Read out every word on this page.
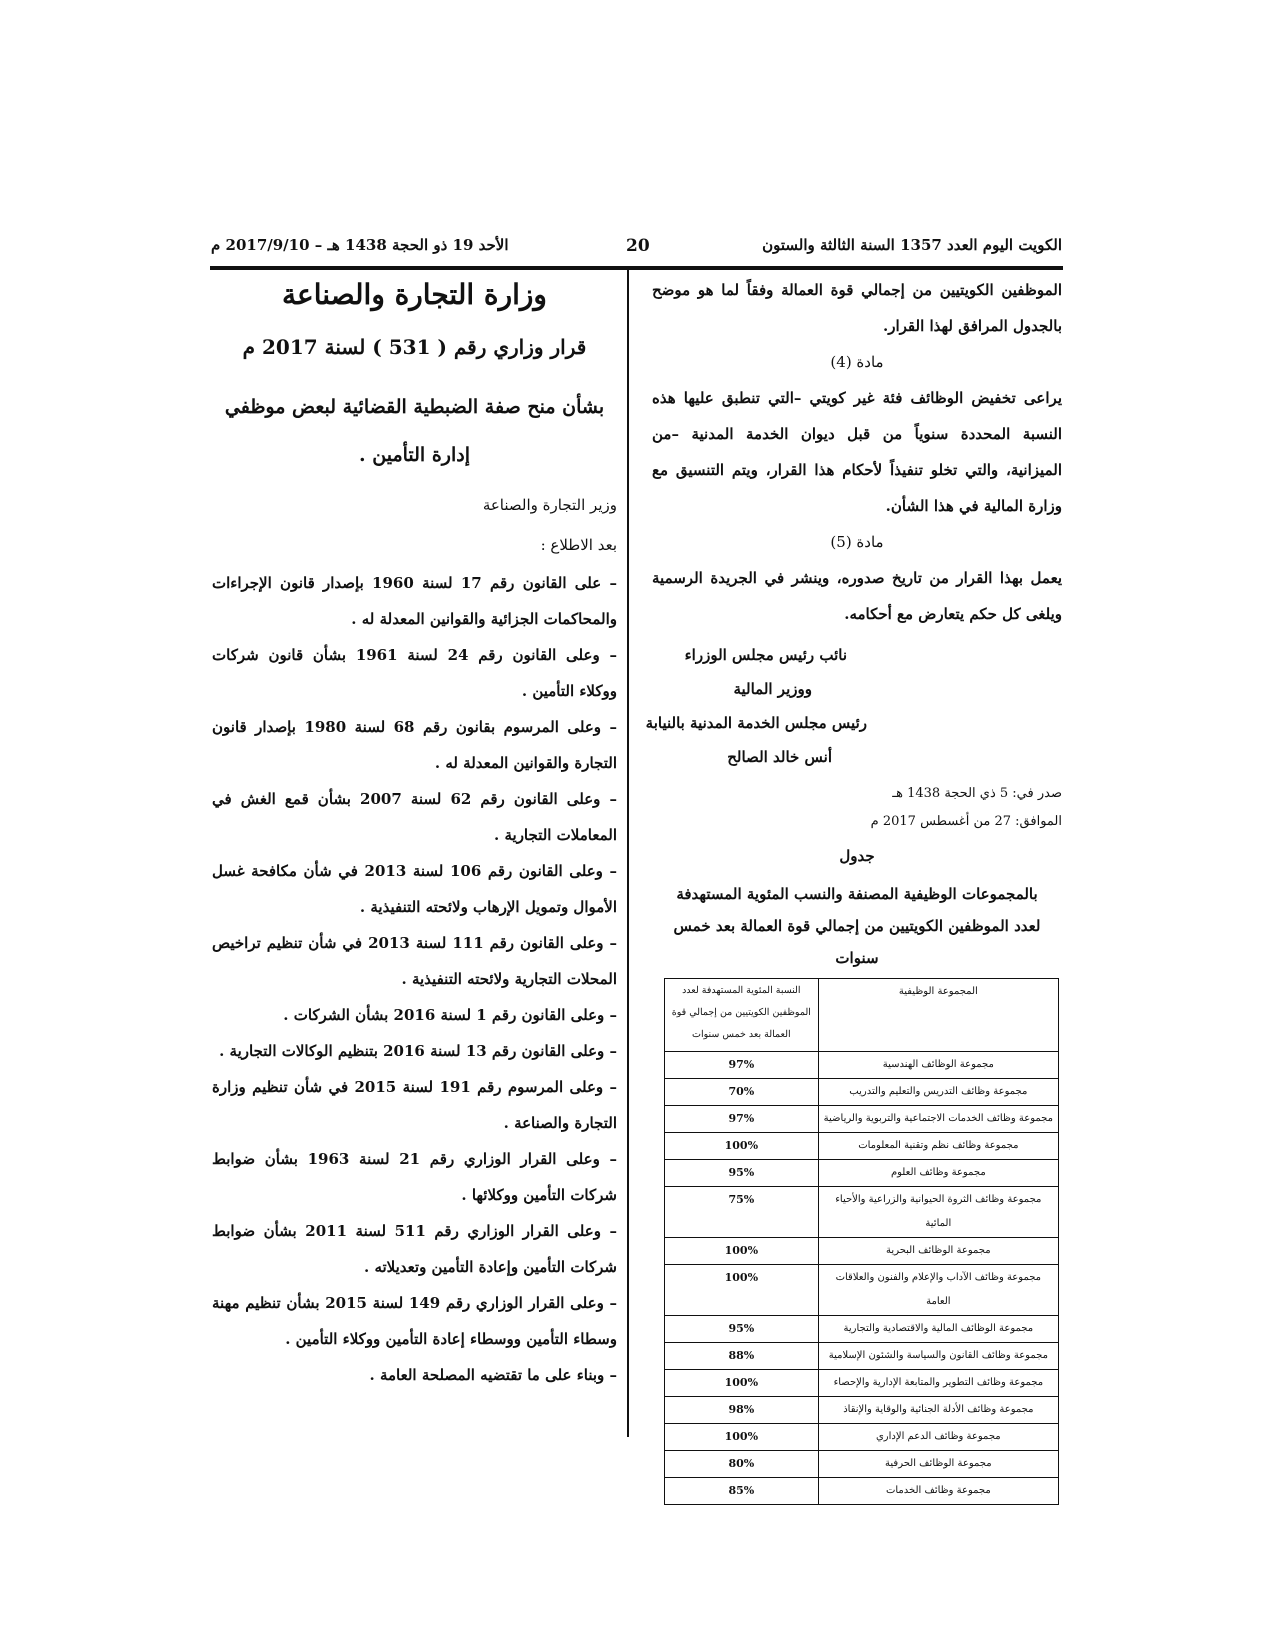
الكويت اليوم العدد 1357 السنة الثالثة والستون
20
الأحد 19 ذو الحجة 1438 هـ – 2017/9/10 م

الموظفين الكويتيين من إجمالي قوة العمالة وفقاً لما هو موضح بالجدول المرافق لهذا القرار.

مادة (4)

يراعى تخفيض الوظائف فئة غير كويتي –التي تنطبق عليها هذه النسبة المحددة سنوياً من قبل ديوان الخدمة المدنية –من الميزانية، والتي تخلو تنفيذاً لأحكام هذا القرار، ويتم التنسيق مع وزارة المالية في هذا الشأن.

مادة (5)

يعمل بهذا القرار من تاريخ صدوره، وينشر في الجريدة الرسمية ويلغى كل حكم يتعارض مع أحكامه.

نائب رئيس مجلس الوزراء

ووزير المالية

رئيس مجلس الخدمة المدنية بالنيابة

أنس خالد الصالح

صدر في: 5 ذي الحجة 1438 هـ

الموافق: 27 من أغسطس 2017 م

جدول

بالمجموعات الوظيفية المصنفة والنسب المئوية المستهدفة

لعدد الموظفين الكويتيين من إجمالي قوة العمالة بعد خمس سنوات

المجموعة الوظيفية	النسبة المئوية المستهدفة لعدد الموظفين الكويتيين من إجمالي قوة العمالة بعد خمس سنوات
مجموعة الوظائف الهندسية	97%
مجموعة وظائف التدريس والتعليم والتدريب	70%
مجموعة وظائف الخدمات الاجتماعية والتربوية والرياضية	97%
مجموعة وظائف نظم وتقنية المعلومات	100%
مجموعة وظائف العلوم	95%
مجموعة وظائف الثروة الحيوانية والزراعية والأحياء المائية	75%
مجموعة الوظائف البحرية	100%
مجموعة وظائف الآداب والإعلام والفنون والعلاقات العامة	100%
مجموعة الوظائف المالية والاقتصادية والتجارية	95%
مجموعة وظائف القانون والسياسة والشئون الإسلامية	88%
مجموعة وظائف التطوير والمتابعة الإدارية والإحصاء	100%
مجموعة وظائف الأدلة الجنائية والوقاية والإنقاذ	98%
مجموعة وظائف الدعم الإداري	100%
مجموعة الوظائف الحرفية	80%
مجموعة وظائف الخدمات	85%

وزارة التجارة والصناعة

قرار وزاري رقم ( 531 ) لسنة 2017 م

بشأن منح صفة الضبطية القضائية لبعض موظفي إدارة التأمين .

وزير التجارة والصناعة

بعد الاطلاع :

– على القانون رقم 17 لسنة 1960 بإصدار قانون الإجراءات والمحاكمات الجزائية والقوانين المعدلة له .

– وعلى القانون رقم 24 لسنة 1961 بشأن قانون شركات ووكلاء التأمين .

– وعلى المرسوم بقانون رقم 68 لسنة 1980 بإصدار قانون التجارة والقوانين المعدلة له .

– وعلى القانون رقم 62 لسنة 2007 بشأن قمع الغش في المعاملات التجارية .

– وعلى القانون رقم 106 لسنة 2013 في شأن مكافحة غسل الأموال وتمويل الإرهاب ولائحته التنفيذية .

– وعلى القانون رقم 111 لسنة 2013 في شأن تنظيم تراخيص المحلات التجارية ولائحته التنفيذية .

– وعلى القانون رقم 1 لسنة 2016 بشأن الشركات .

– وعلى القانون رقم 13 لسنة 2016 بتنظيم الوكالات التجارية .

– وعلى المرسوم رقم 191 لسنة 2015 في شأن تنظيم وزارة التجارة والصناعة .

– وعلى القرار الوزاري رقم 21 لسنة 1963 بشأن ضوابط شركات التأمين ووكلائها .

– وعلى القرار الوزاري رقم 511 لسنة 2011 بشأن ضوابط شركات التأمين وإعادة التأمين وتعديلاته .

– وعلى القرار الوزاري رقم 149 لسنة 2015 بشأن تنظيم مهنة وسطاء التأمين ووسطاء إعادة التأمين ووكلاء التأمين .

– وبناء على ما تقتضيه المصلحة العامة .
